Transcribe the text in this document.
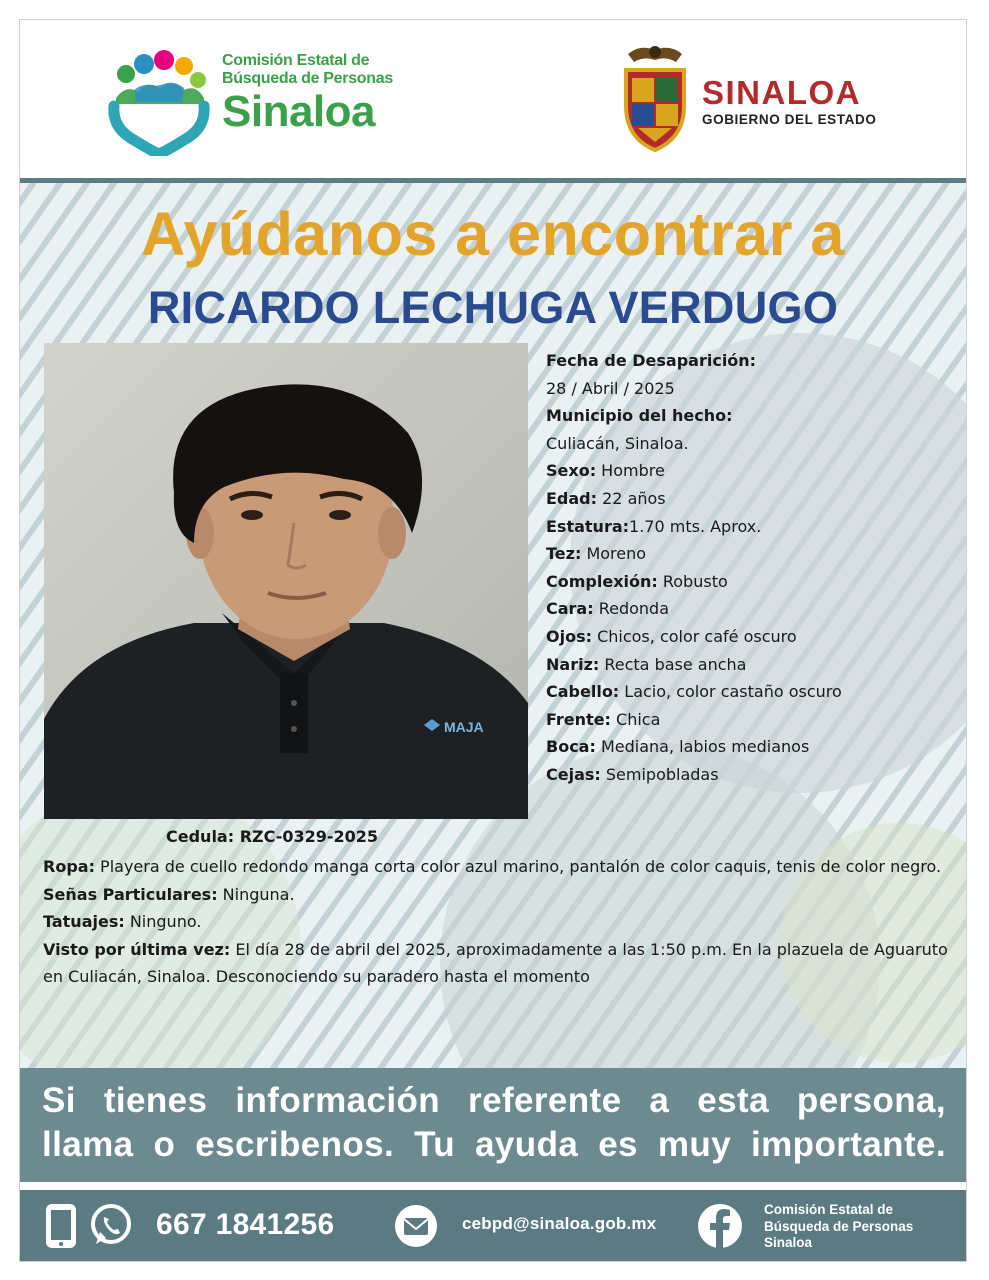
Comisión Estatal de
Búsqueda de Personas
Sinaloa	SINALOA
GOBIERNO DEL ESTADO
Ayúdanos a encontrar a
RICARDO LECHUGA VERDUGO
MAJA
Fecha de Desaparición:
28 / Abril / 2025
Municipio del hecho:
Culiacán, Sinaloa.
Sexo: Hombre
Edad: 22 años
Estatura:1.70 mts. Aprox.
Tez: Moreno
Complexión: Robusto
Cara: Redonda
Ojos: Chicos, color café oscuro
Nariz: Recta base ancha
Cabello: Lacio, color castaño oscuro
Frente: Chica
Boca: Mediana, labios medianos
Cejas: Semipobladas
Cedula: RZC-0329-2025
Ropa: Playera de cuello redondo manga corta color azul marino, pantalón de color caquis, tenis de color negro.
Señas Particulares: Ninguna.
Tatuajes: Ninguno.
Visto por última vez: El día 28 de abril del 2025, aproximadamente a las 1:50 p.m. En la plazuela de Aguaruto en Culiacán, Sinaloa. Desconociendo su paradero hasta el momento
Si tienes información referente a esta persona,
llama o escribenos. Tu ayuda es muy importante.
667 1841256	cebpd@sinaloa.gob.mx
Comisión Estatal de
Búsqueda de Personas
Sinaloa
